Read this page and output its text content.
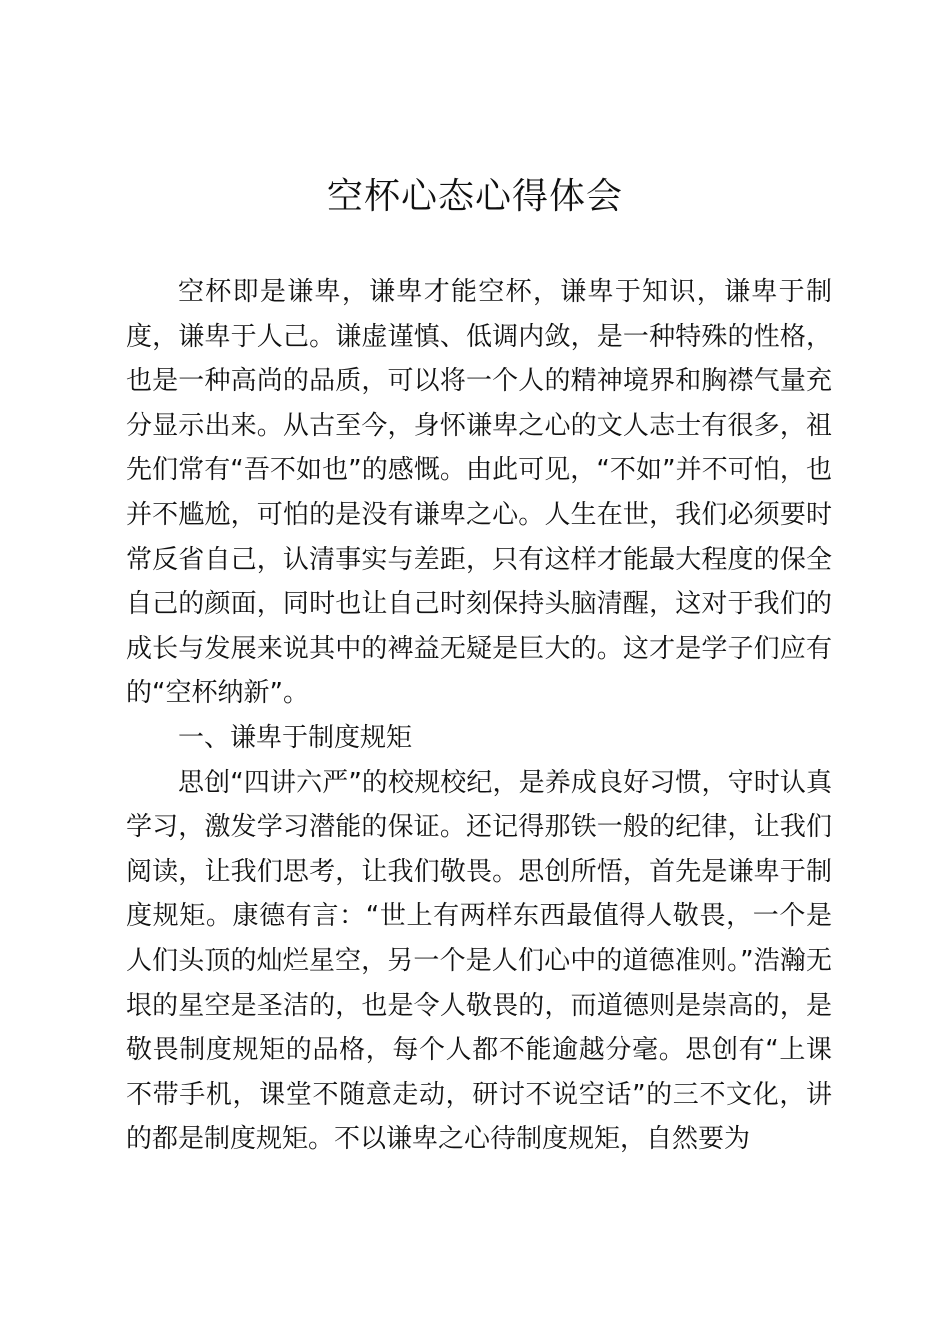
空杯心态心得体会

空杯即是谦卑，谦卑才能空杯，谦卑于知识，谦卑于制度，谦卑于人己。谦虚谨慎、低调内敛，是一种特殊的性格，也是一种高尚的品质，可以将一个人的精神境界和胸襟气量充分显示出来。从古至今，身怀谦卑之心的文人志士有很多，祖先们常有“吾不如也”的感慨。由此可见，“不如”并不可怕，也并不尴尬，可怕的是没有谦卑之心。人生在世，我们必须要时常反省自己，认清事实与差距，只有这样才能最大程度的保全自己的颜面，同时也让自己时刻保持头脑清醒，这对于我们的成长与发展来说其中的裨益无疑是巨大的。这才是学子们应有的“空杯纳新”。

一、谦卑于制度规矩

思创“四讲六严”的校规校纪，是养成良好习惯，守时认真学习，激发学习潜能的保证。还记得那铁一般的纪律，让我们阅读，让我们思考，让我们敬畏。思创所悟，首先是谦卑于制度规矩。康德有言：“世上有两样东西最值得人敬畏，一个是人们头顶的灿烂星空，另一个是人们心中的道德准则。”浩瀚无垠的星空是圣洁的，也是令人敬畏的，而道德则是崇高的，是敬畏制度规矩的品格，每个人都不能逾越分毫。思创有“上课不带手机，课堂不随意走动，研讨不说空话”的三不文化，讲的都是制度规矩。不以谦卑之心待制度规矩，自然要为
